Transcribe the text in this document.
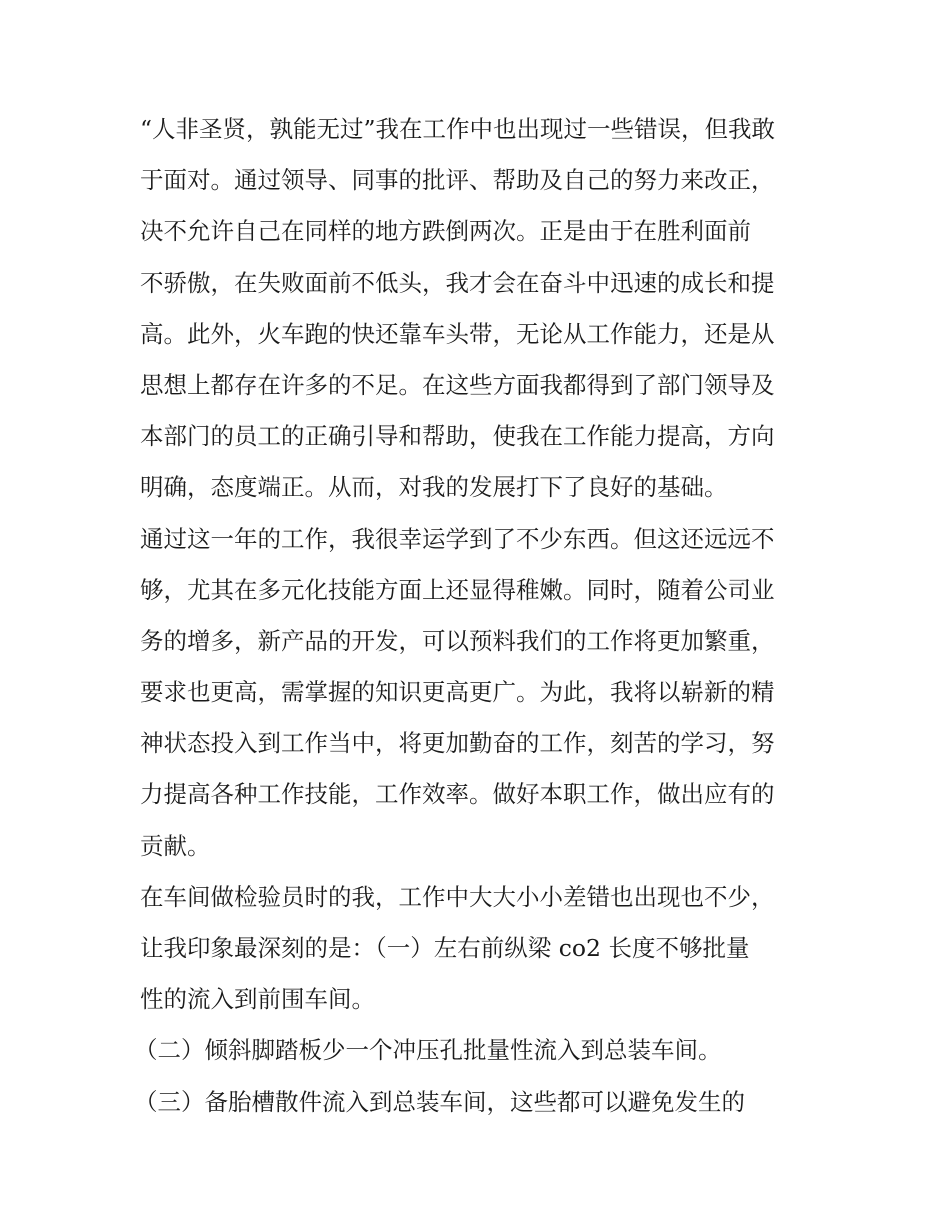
“人非圣贤，孰能无过”我在工作中也出现过一些错误，但我敢
于面对。通过领导、同事的批评、帮助及自己的努力来改正，
决不允许自己在同样的地方跌倒两次。正是由于在胜利面前
不骄傲，在失败面前不低头，我才会在奋斗中迅速的成长和提
高。此外，火车跑的快还靠车头带，无论从工作能力，还是从
思想上都存在许多的不足。在这些方面我都得到了部门领导及
本部门的员工的正确引导和帮助，使我在工作能力提高，方向
明确，态度端正。从而，对我的发展打下了良好的基础。
通过这一年的工作，我很幸运学到了不少东西。但这还远远不
够，尤其在多元化技能方面上还显得稚嫩。同时，随着公司业
务的增多，新产品的开发，可以预料我们的工作将更加繁重，
要求也更高，需掌握的知识更高更广。为此，我将以崭新的精
神状态投入到工作当中，将更加勤奋的工作，刻苦的学习，努
力提高各种工作技能，工作效率。做好本职工作，做出应有的
贡献。
在车间做检验员时的我，工作中大大小小差错也出现也不少，
让我印象最深刻的是：（一）左右前纵梁 co2 长度不够批量
性的流入到前围车间。
（二）倾斜脚踏板少一个冲压孔批量性流入到总装车间。
（三）备胎槽散件流入到总装车间，这些都可以避免发生的
